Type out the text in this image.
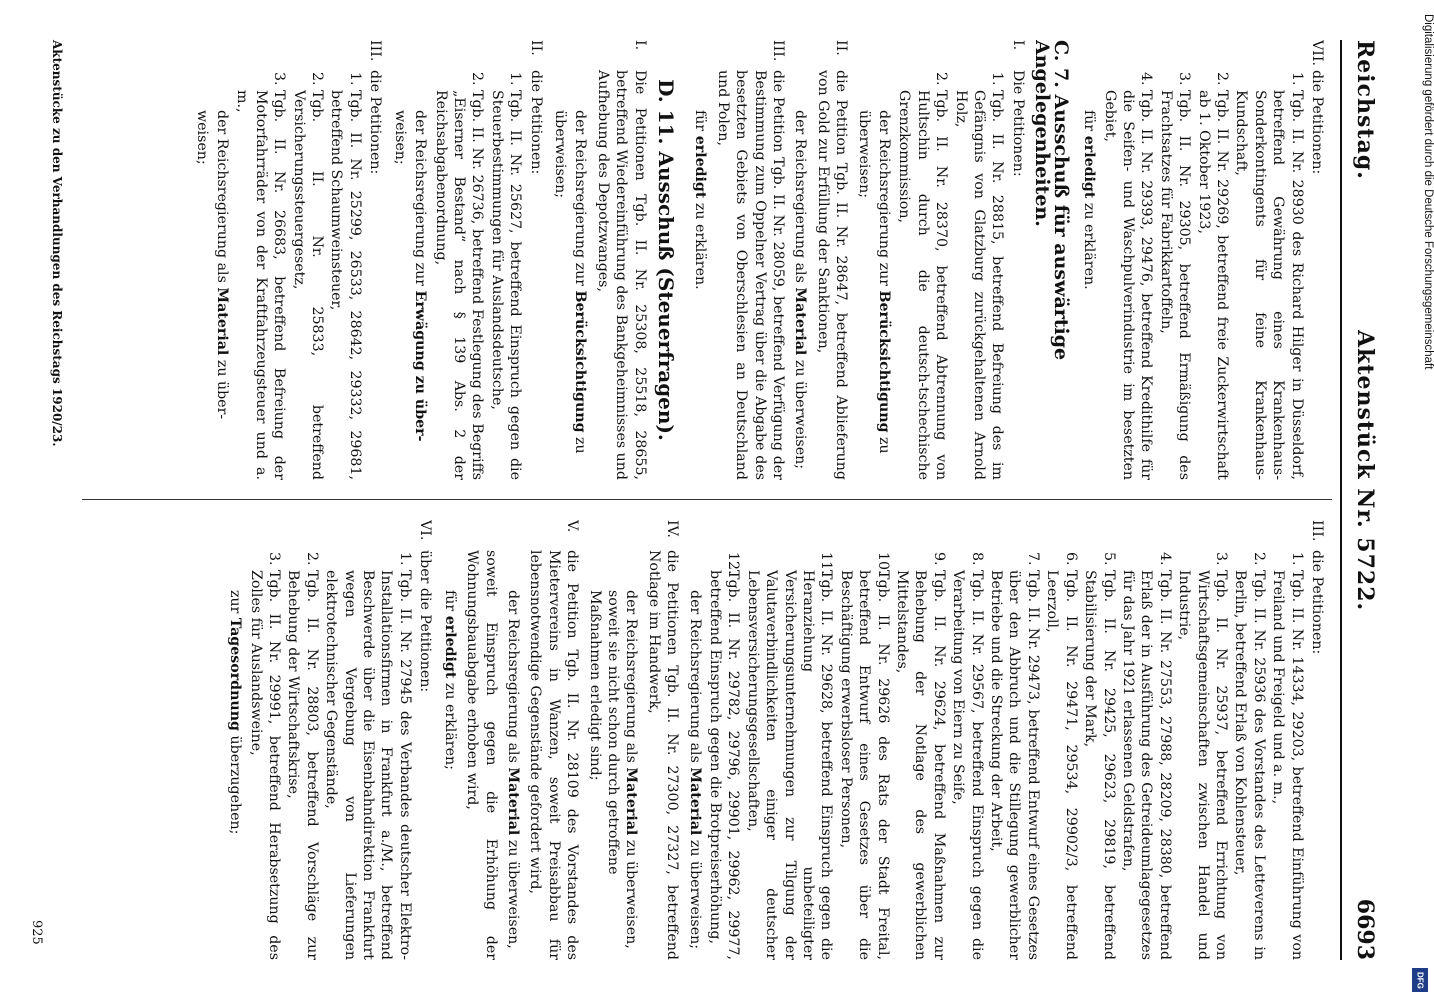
Reichstag.
Aktenstück Nr. 5722.
6693
VII.die Petitionen:
1.Tgb. II. Nr. 28930 des Richard Hilger in Düsseldorf, betreffend Gewährung eines Krankenhaus-Sonderkontingents für feine Krankenhaus-Kundschaft,
2.Tgb. II. Nr. 29269, betreffend freie Zuckerwirtschaft ab 1. Oktober 1923,
3.Tgb. II. Nr. 29305, betreffend Ermäßigung des Frachtsatzes für Fabrikkartoffeln,
4.Tgb. II. Nr. 29393, 29476, betreffend Kredithilfe für die Seifen- und Waschpulverindustrie im besetzten Gebiet,
für erledigt zu erklären.
C. 7. Ausschuß für auswärtige Angelegenheiten.
I.Die Petitionen:
1.Tgb. II. Nr. 28815, betreffend Befreiung des im Gefängnis von Glatzburg zurückgehaltenen Arnold Holz,
2.Tgb. II. Nr. 28370, betreffend Abtrennung von Hultschin durch die deutsch-tschechische Grenzkommission,
der Reichsregierung zur Berücksichtigung zu
überweisen;
II.die Petition Tgb. II. Nr. 28647, betreffend Ablieferung von Gold zur Erfüllung der Sanktionen,
der Reichsregierung als Material zu überweisen;
III.die Petition Tgb. II. Nr. 28059, betreffend Verfügung der Bestimmung zum Oppelner Vertrag über die Abgabe des besetzten Gebiets von Oberschlesien an Deutschland und Polen,
für erledigt zu erklären.
D. 11. Ausschuß (Steuerfragen).
I.Die Petitionen Tgb. II. Nr. 25308, 25518, 28655, betreffend Wiedereinführung des Bankgeheimnisses und Aufhebung des Depotzwanges,
der Reichsregierung zur Berücksichtigung zu
überweisen;
II.die Petitionen:
1.Tgb. II. Nr. 25627, betreffend Einspruch gegen die Steuerbestimmungen für Auslandsdeutsche,
2.Tgb. II. Nr. 26736, betreffend Festlegung des Begriffs „Eiserner Bestand“ nach § 139 Abs. 2 der Reichsabgabenordnung,
der Reichsregierung zur Erwägung zu über-
weisen;
III.die Petitionen:
1.Tgb. II. Nr. 25299, 26533, 28642, 29332, 29681, betreffend Schaumweinsteuer,
2.Tgb. II. Nr. 25833, betreffend Versicherungssteuergesetz,
3.Tgb. II. Nr. 26683, betreffend Befreiung der Motorfahrräder von der Kraftfahrzeugsteuer und a. m.,
der Reichsregierung als Material zu über-
weisen;
III.die Petitionen:
1.Tgb. II. Nr. 14334, 29203, betreffend Einführung von Freiland und Freigeld und a. m.,
2.Tgb. II. Nr. 25936 des Vorstandes des Letteverens in Berlin, betreffend Erlaß von Kohlensteuer,
3.Tgb. II. Nr. 25937, betreffend Errichtung von Wirtschaftsgemeinschaften zwischen Handel und Industrie,
4.Tgb. II. Nr. 27553, 27988, 28209, 28380, betreffend Erlaß der in Ausführung des Getreideumlagegesetzes für das Jahr 1921 erlassenen Geldstrafen,
5.Tgb. II. Nr. 29425, 29623, 29819, betreffend Stabilisierung der Mark,
6.Tgb. II. Nr. 29471, 29534, 29902/3, betreffend Leerzoll,
7.Tgb. II. Nr. 29473, betreffend Entwurf eines Gesetzes über den Abbruch und die Stillegung gewerblicher Betriebe und die Streckung der Arbeit,
8.Tgb. II. Nr. 29567, betreffend Einspruch gegen die Verarbeitung von Eiern zu Seife,
9.Tgb. II. Nr. 29624, betreffend Maßnahmen zur Behebung der Notlage des gewerblichen Mittelstandes,
10.Tgb. II. Nr. 29626 des Rats der Stadt Freital, betreffend Entwurf eines Gesetzes über die Beschäftigung erwerbsloser Personen,
11.Tgb. II. Nr. 29628, betreffend Einspruch gegen die Heranziehung unbeteiligter Versicherungsunternehmungen zur Tilgung der Valutaverbindlichkeiten einiger deutscher Lebensversicherungsgesellschaften,
12.Tgb. II. Nr. 29782, 29796, 29901, 29962, 29977, betreffend Einspruch gegen die Brotpreiserhöhung,
der Reichsregierung als Material zu überweisen;
IV.die Petitionen Tgb. II. Nr. 27300, 27327, betreffend Notlage im Handwerk,
der Reichsregierung als Material zu überweisen, soweit sie nicht schon durch getroffene Maßnahmen erledigt sind;
V.die Petition Tgb. II. Nr. 28109 des Vorstandes des Mietervereins in Wanzen, soweit Preisabbau für lebensnotwendige Gegenstände gefordert wird,
der Reichsregierung als Material zu überweisen,
soweit Einspruch gegen die Erhöhung der Wohnungsbauabgabe erhoben wird,
für erledigt zu erklären;
VI.über die Petitionen:
1.Tgb. II. Nr. 27945 des Verbandes deutscher Elektro-Installationsfirmen in Frankfurt a./M., betreffend Beschwerde über die Eisenbahndirektion Frankfurt wegen Vergebung von Lieferungen elektrotechnischer Gegenstände,
2.Tgb. II. Nr. 28803, betreffend Vorschläge zur Behebung der Wirtschaftskrise,
3.Tgb. II. Nr. 29991, betreffend Herabsetzung des Zolles für Auslandsweine,
zur Tagesordnung überzugehen;
Aktenstücke zu den Verhandlungen des Reichstags 1920/23.
925
Digitalisierung gefördert durch die Deutsche Forschungsgemeinschaft
DFG
